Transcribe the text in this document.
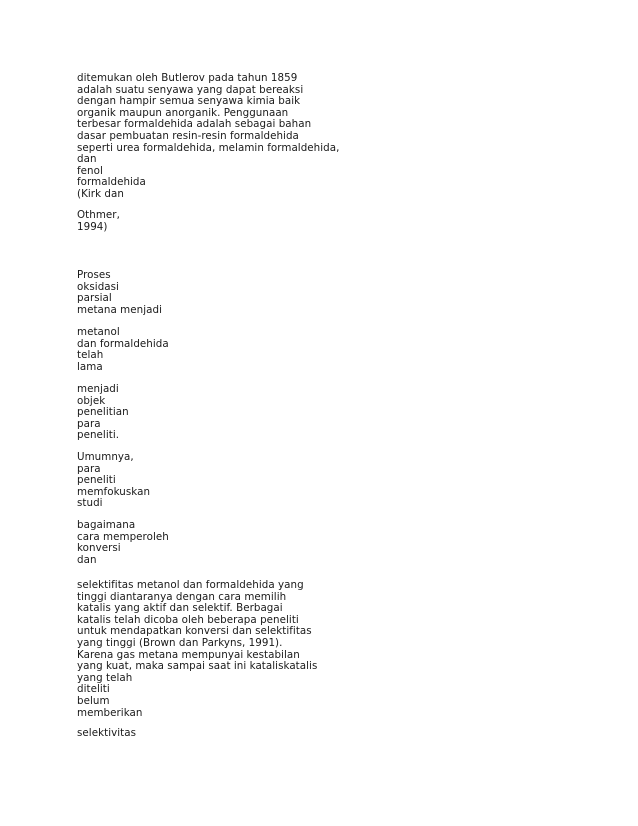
ditemukan oleh Butlerov pada tahun 1859
adalah suatu senyawa yang dapat bereaksi
dengan hampir semua senyawa kimia baik
organik maupun anorganik. Penggunaan
terbesar formaldehida adalah sebagai bahan
dasar pembuatan resin-resin formaldehida
seperti urea formaldehida, melamin formaldehida,
dan
fenol
formaldehida
(Kirk dan
Othmer,
1994)
Proses
oksidasi
parsial
metana menjadi
metanol
dan formaldehida
telah
lama
menjadi
objek
penelitian
para
peneliti.
Umumnya,
para
peneliti
memfokuskan
studi
bagaimana
cara memperoleh
konversi
dan
selektifitas metanol dan formaldehida yang
tinggi diantaranya dengan cara memilih
katalis yang aktif dan selektif. Berbagai
katalis telah dicoba oleh beberapa peneliti
untuk mendapatkan konversi dan selektifitas
yang tinggi (Brown dan Parkyns, 1991).
Karena gas metana mempunyai kestabilan
yang kuat, maka sampai saat ini kataliskatalis
yang telah
diteliti
belum
memberikan
selektivitas
